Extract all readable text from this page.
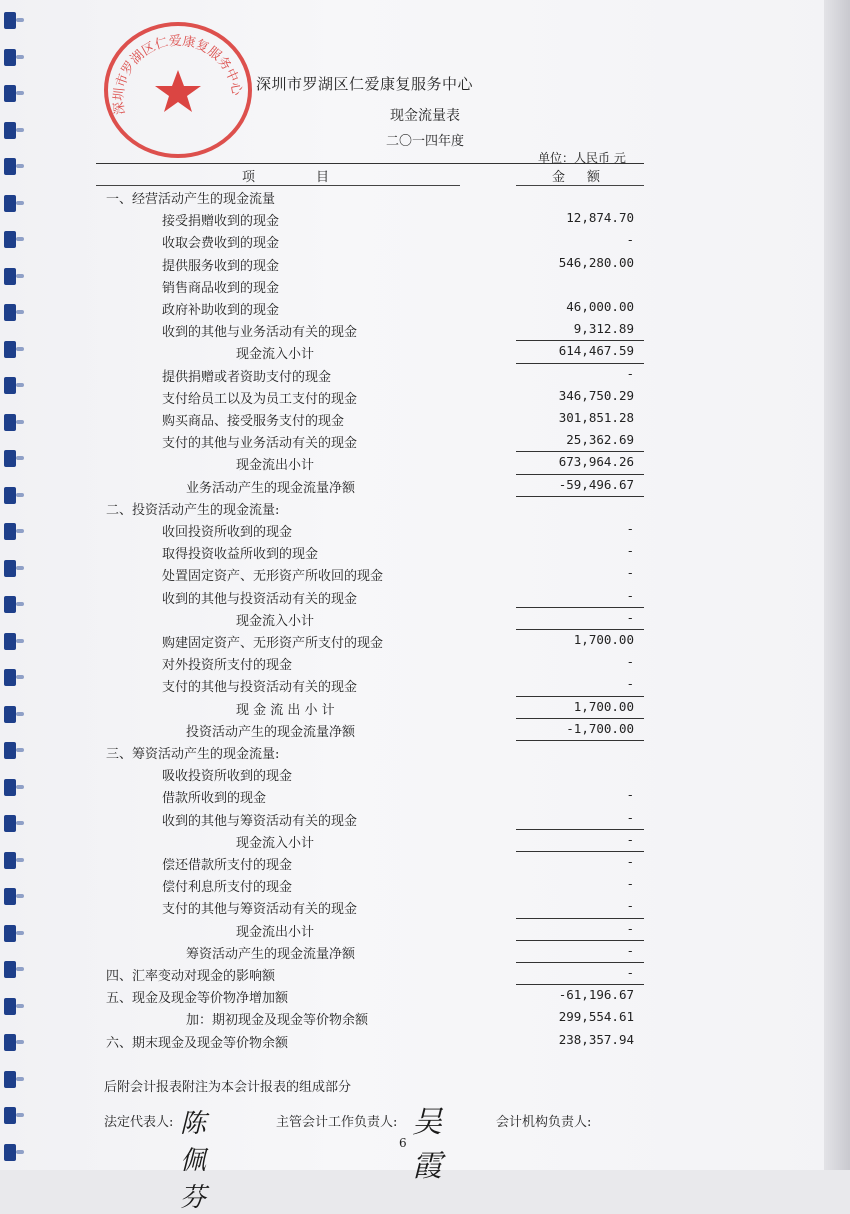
深圳市罗湖区仁爱康复服务中心 深圳市罗湖区仁爱康复服务中心
现金流量表
二〇一四年度
单位：人民币 元
项	目	金额
一、经营活动产生的现金流量
接受捐赠收到的现金	12,874.70
收取会费收到的现金	-
提供服务收到的现金	546,280.00
销售商品收到的现金
政府补助收到的现金	46,000.00
收到的其他与业务活动有关的现金	9,312.89
现金流入小计	614,467.59
提供捐赠或者资助支付的现金	-
支付给员工以及为员工支付的现金	346,750.29
购买商品、接受服务支付的现金	301,851.28
支付的其他与业务活动有关的现金	25,362.69
现金流出小计	673,964.26
业务活动产生的现金流量净额	-59,496.67
二、投资活动产生的现金流量:
收回投资所收到的现金	-
取得投资收益所收到的现金	-
处置固定资产、无形资产所收回的现金	-
收到的其他与投资活动有关的现金	-
现金流入小计	-
购建固定资产、无形资产所支付的现金	1,700.00
对外投资所支付的现金	-
支付的其他与投资活动有关的现金	-
现 金 流 出 小 计	1,700.00
投资活动产生的现金流量净额	-1,700.00
三、筹资活动产生的现金流量:
吸收投资所收到的现金
借款所收到的现金	-
收到的其他与筹资活动有关的现金	-
现金流入小计	-
偿还借款所支付的现金	-
偿付利息所支付的现金	-
支付的其他与筹资活动有关的现金	-
现金流出小计	-
筹资活动产生的现金流量净额	-
四、汇率变动对现金的影响额	-
五、现金及现金等价物净增加额	-61,196.67
加：期初现金及现金等价物余额	299,554.61
六、期末现金及现金等价物余额	238,357.94
后附会计报表附注为本会计报表的组成部分
法定代表人: 陈佩芬
主管会计工作负责人: 吴霞
会计机构负责人:
6
